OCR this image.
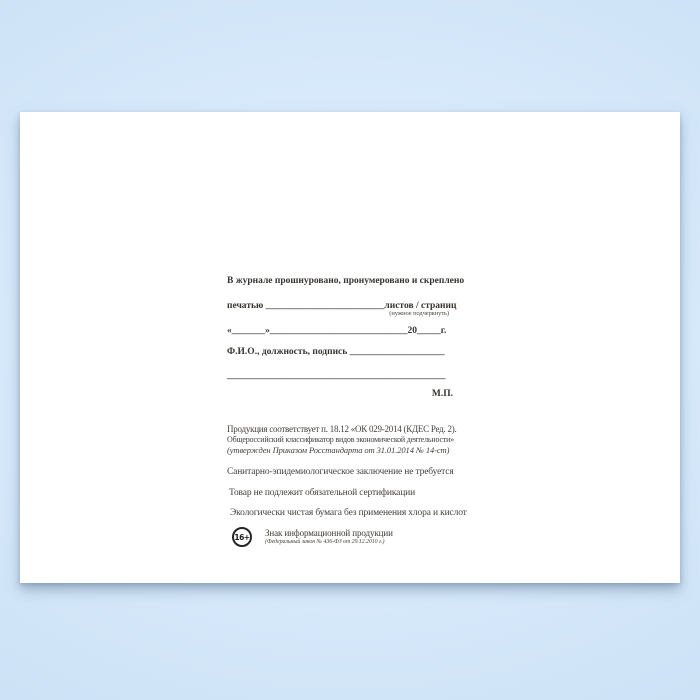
В журнале прошнуровано, пронумеровано и скреплено
печатью _________________________листов / страниц
(нужное подчеркнуть)
«_______»_____________________________20_____г.
Ф.И.О., должность, подпись ____________________
______________________________________________
М.П.
Продукция соответствует п. 18.12 «ОК 029-2014 (КДЕС Ред. 2).
Общероссийский классификатор видов экономической деятельности»
(утвержден Приказом Росстандарта от 31.01.2014 № 14-ст)
Санитарно-эпидемиологическое заключение не требуется
Товар не подлежит обязательной сертификации
Экологически чистая бумага без применения хлора и кислот
16+ Знак информационной продукции
(Федеральный закон № 436-ФЗ от 29.12.2010 г.)
